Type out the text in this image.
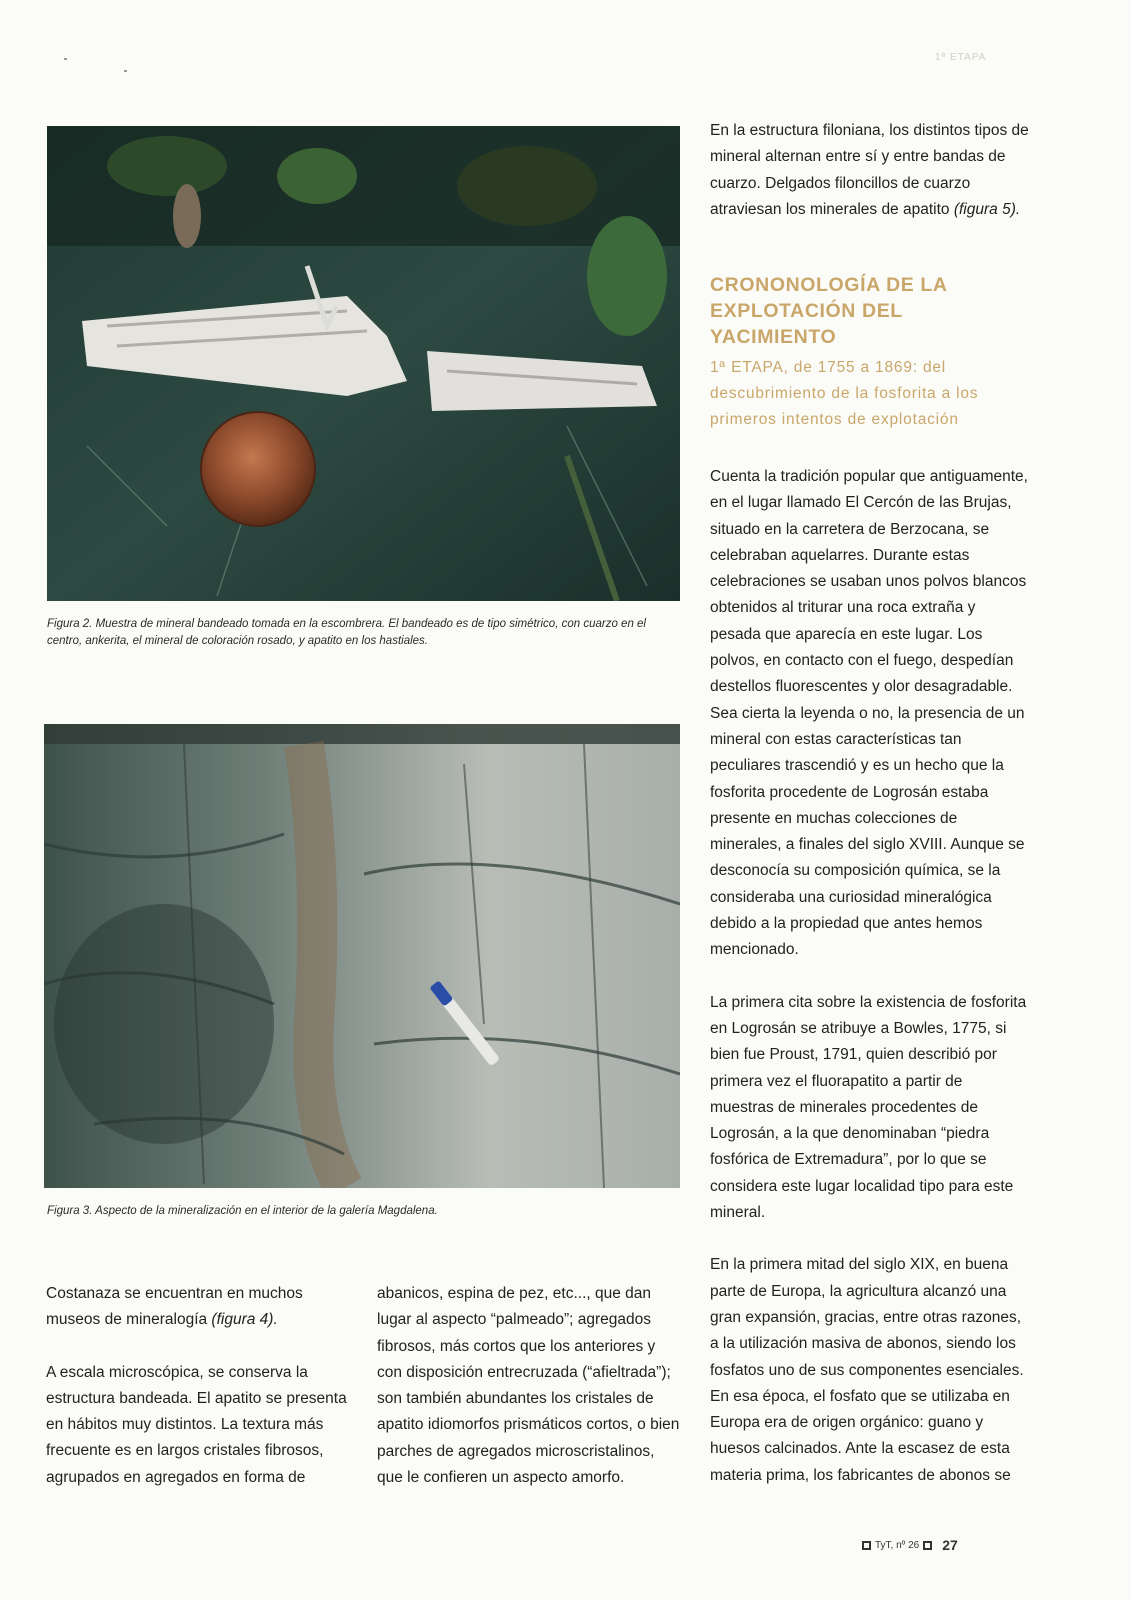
1ª ETAPA
Figura 2. Muestra de mineral bandeado tomada en la escombrera. El bandeado es de tipo simétrico, con cuarzo en el centro, ankerita, el mineral de coloración rosado, y apatito en los hastiales.
Figura 3. Aspecto de la mineralización en el interior de la galería Magdalena.

Costanaza se encuentran en muchos museos de mineralogía (figura 4).

A escala microscópica, se conserva la estructura bandeada. El apatito se presenta en hábitos muy distintos. La textura más frecuente es en largos cristales fibrosos, agrupados en agregados en forma de

abanicos, espina de pez, etc..., que dan lugar al aspecto “palmeado”; agregados fibrosos, más cortos que los anteriores y con disposición entrecruzada (“afieltrada”); son también abundantes los cristales de apatito idiomorfos prismáticos cortos, o bien parches de agregados microscristalinos, que le confieren un aspecto amorfo.

En la estructura filoniana, los distintos tipos de mineral alternan entre sí y entre bandas de cuarzo. Delgados filoncillos de cuarzo atraviesan los minerales de apatito (figura 5).

CRONONOLOGÍA DE LA EXPLOTACIÓN DEL YACIMIENTO
1ª ETAPA, de 1755 a 1869: del descubrimiento de la fosforita a los primeros intentos de explotación

Cuenta la tradición popular que antiguamente, en el lugar llamado El Cercón de las Brujas, situado en la carretera de Berzocana, se celebraban aquelarres. Durante estas celebraciones se usaban unos polvos blancos obtenidos al triturar una roca extraña y pesada que aparecía en este lugar. Los polvos, en contacto con el fuego, despedían destellos fluorescentes y olor desagradable. Sea cierta la leyenda o no, la presencia de un mineral con estas características tan peculiares trascendió y es un hecho que la fosforita procedente de Logrosán estaba presente en muchas colecciones de minerales, a finales del siglo XVIII. Aunque se desconocía su composición química, se la consideraba una curiosidad mineralógica debido a la propiedad que antes hemos mencionado.

La primera cita sobre la existencia de fosforita en Logrosán se atribuye a Bowles, 1775, si bien fue Proust, 1791, quien describió por primera vez el fluorapatito a partir de muestras de minerales procedentes de Logrosán, a la que denominaban “piedra fosfórica de Extremadura”, por lo que se considera este lugar localidad tipo para este mineral.

En la primera mitad del siglo XIX, en buena parte de Europa, la agricultura alcanzó una gran expansión, gracias, entre otras razones, a la utilización masiva de abonos, siendo los fosfatos uno de sus componentes esenciales. En esa época, el fosfato que se utilizaba en Europa era de origen orgánico: guano y huesos calcinados. Ante la escasez de esta materia prima, los fabricantes de abonos se

TyT, nº 26 27
